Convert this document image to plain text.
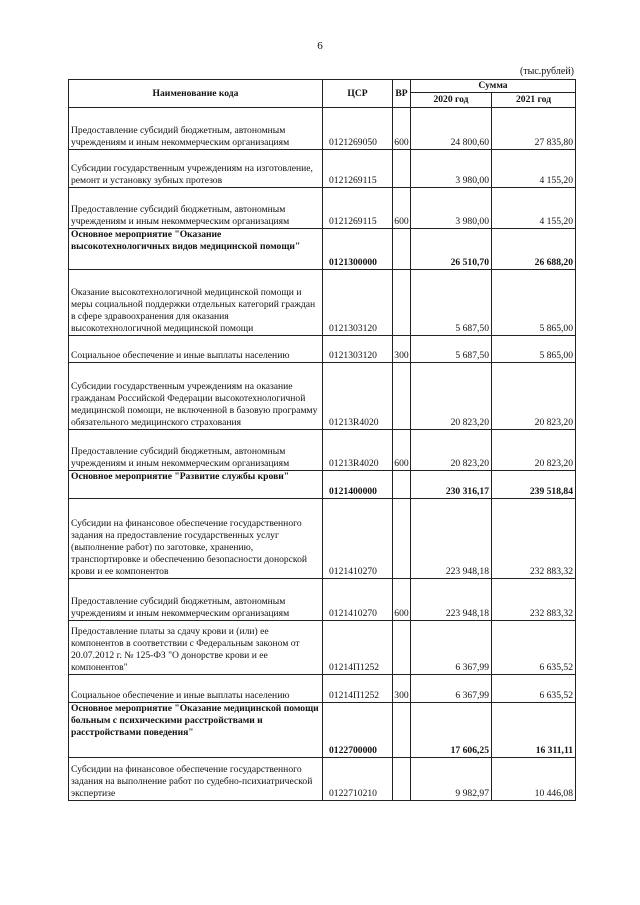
6
(тыс.рублей)
Наименование кода	ЦСР	ВР	Сумма	
			2020 год	2021 год
Предоставление субсидий бюджетным, автономным учреждениям и иным некоммерческим организациям	0121269050	600	24 800,60	27 835,80
Субсидии государственным учреждениям на изготовление, ремонт и установку зубных протезов	0121269115		3 980,00	4 155,20
Предоставление субсидий бюджетным, автономным учреждениям и иным некоммерческим организациям	0121269115	600	3 980,00	4 155,20
Основное мероприятие "Оказание высокотехнологичных видов медицинской помощи"	0121300000		26 510,70	26 688,20
Оказание высокотехнологичной медицинской помощи и меры социальной поддержки отдельных категорий граждан в сфере здравоохранения для оказания высокотехнологичной медицинской помощи	0121303120		5 687,50	5 865,00
Социальное обеспечение и иные выплаты населению	0121303120	300	5 687,50	5 865,00
Субсидии государственным учреждениям на оказание гражданам Российской Федерации высокотехнологичной медицинской помощи, не включенной в базовую программу обязательного медицинского страхования	01213R4020		20 823,20	20 823,20
Предоставление субсидий бюджетным, автономным учреждениям и иным некоммерческим организациям	01213R4020	600	20 823,20	20 823,20
Основное мероприятие "Развитие службы крови"	0121400000		230 316,17	239 518,84
Субсидии на финансовое обеспечение государственного задания на предоставление государственных услуг (выполнение работ) по заготовке, хранению, транспортировке и обеспечению безопасности донорской крови и ее компонентов	0121410270		223 948,18	232 883,32
Предоставление субсидий бюджетным, автономным учреждениям и иным некоммерческим организациям	0121410270	600	223 948,18	232 883,32
Предоставление платы за сдачу крови и (или) ее компонентов в соответствии с Федеральным законом от 20.07.2012 г. № 125-ФЗ "О донорстве крови и ее компонентов"	01214П1252		6 367,99	6 635,52
Социальное обеспечение и иные выплаты населению	01214П1252	300	6 367,99	6 635,52
Основное мероприятие "Оказание медицинской помощи больным с психическими расстройствами и расстройствами поведения"	0122700000		17 606,25	16 311,11
Субсидии на финансовое обеспечение государственного задания на выполнение работ по судебно-психиатрической экспертизе	0122710210		9 982,97	10 446,08
